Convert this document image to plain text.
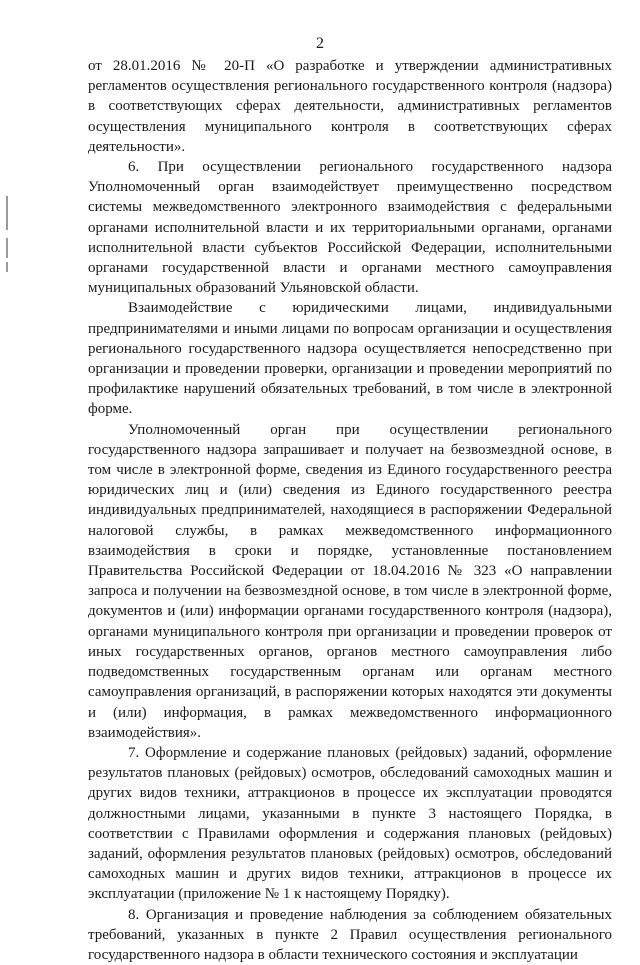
2

от 28.01.2016 № 20-П «О разработке и утверждении административных регламентов осуществления регионального государственного контроля (надзора) в соответствующих сферах деятельности, административных регламентов осуществления муниципального контроля в соответствующих сферах деятельности».

6. При осуществлении регионального государственного надзора Уполномоченный орган взаимодействует преимущественно посредством системы межведомственного электронного взаимодействия с федеральными органами исполнительной власти и их территориальными органами, органами исполнительной власти субъектов Российской Федерации, исполнительными органами государственной власти и органами местного самоуправления муниципальных образований Ульяновской области.

Взаимодействие с юридическими лицами, индивидуальными предпринимателями и иными лицами по вопросам организации и осуществления регионального государственного надзора осуществляется непосредственно при организации и проведении проверки, организации и проведении мероприятий по профилактике нарушений обязательных требований, в том числе в электронной форме.

Уполномоченный орган при осуществлении регионального государственного надзора запрашивает и получает на безвозмездной основе, в том числе в электронной форме, сведения из Единого государственного реестра юридических лиц и (или) сведения из Единого государственного реестра индивидуальных предпринимателей, находящиеся в распоряжении Федеральной налоговой службы, в рамках межведомственного информационного взаимодействия в сроки и порядке, установленные постановлением Правительства Российской Федерации от 18.04.2016 № 323 «О направлении запроса и получении на безвозмездной основе, в том числе в электронной форме, документов и (или) информации органами государственного контроля (надзора), органами муниципального контроля при организации и проведении проверок от иных государственных органов, органов местного самоуправления либо подведомственных государственным органам или органам местного самоуправления организаций, в распоряжении которых находятся эти документы и (или) информация, в рамках межведомственного информационного взаимодействия».

7. Оформление и содержание плановых (рейдовых) заданий, оформление результатов плановых (рейдовых) осмотров, обследований самоходных машин и других видов техники, аттракционов в процессе их эксплуатации проводятся должностными лицами, указанными в пункте 3 настоящего Порядка, в соответствии с Правилами оформления и содержания плановых (рейдовых) заданий, оформления результатов плановых (рейдовых) осмотров, обследований самоходных машин и других видов техники, аттракционов в процессе их эксплуатации (приложение № 1 к настоящему Порядку).

8. Организация и проведение наблюдения за соблюдением обязательных требований, указанных в пункте 2 Правил осуществления регионального государственного надзора в области технического состояния и эксплуатации
